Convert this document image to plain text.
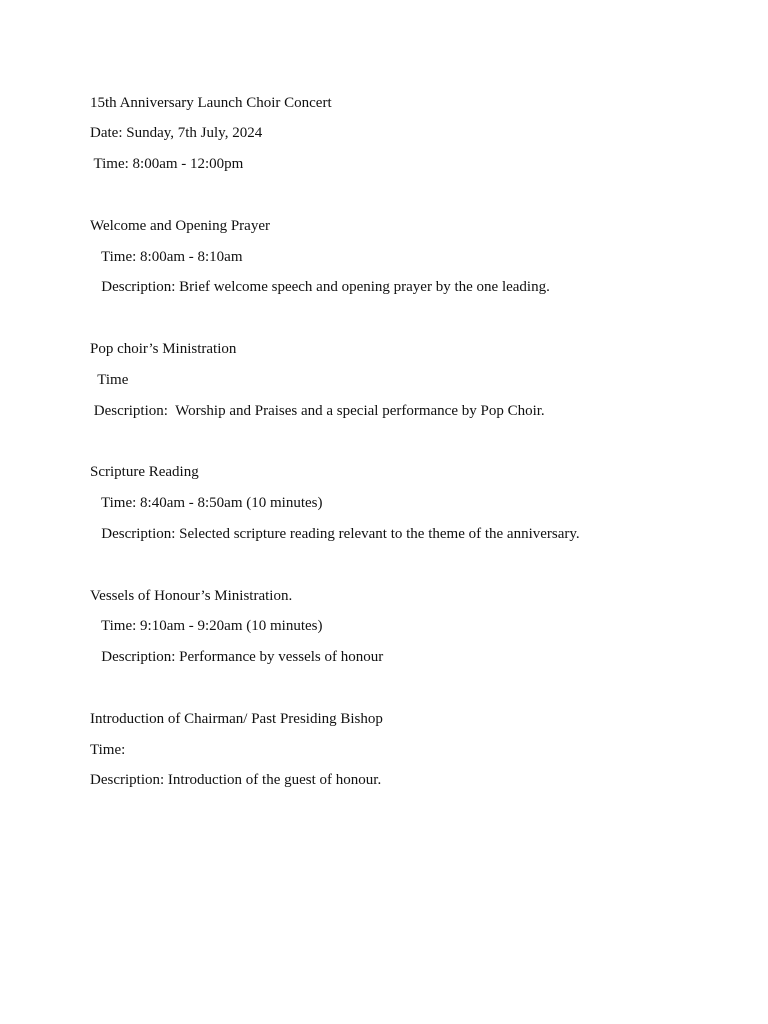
15th Anniversary Launch Choir Concert
Date: Sunday, 7th July, 2024
Time: 8:00am - 12:00pm
Welcome and Opening Prayer
Time: 8:00am - 8:10am
Description: Brief welcome speech and opening prayer by the one leading.
Pop choir’s Ministration
Time
Description:  Worship and Praises and a special performance by Pop Choir.
Scripture Reading
Time: 8:40am - 8:50am (10 minutes)
Description: Selected scripture reading relevant to the theme of the anniversary.
Vessels of Honour’s Ministration.
Time: 9:10am - 9:20am (10 minutes)
Description: Performance by vessels of honour
Introduction of Chairman/ Past Presiding Bishop
Time:
Description: Introduction of the guest of honour.
